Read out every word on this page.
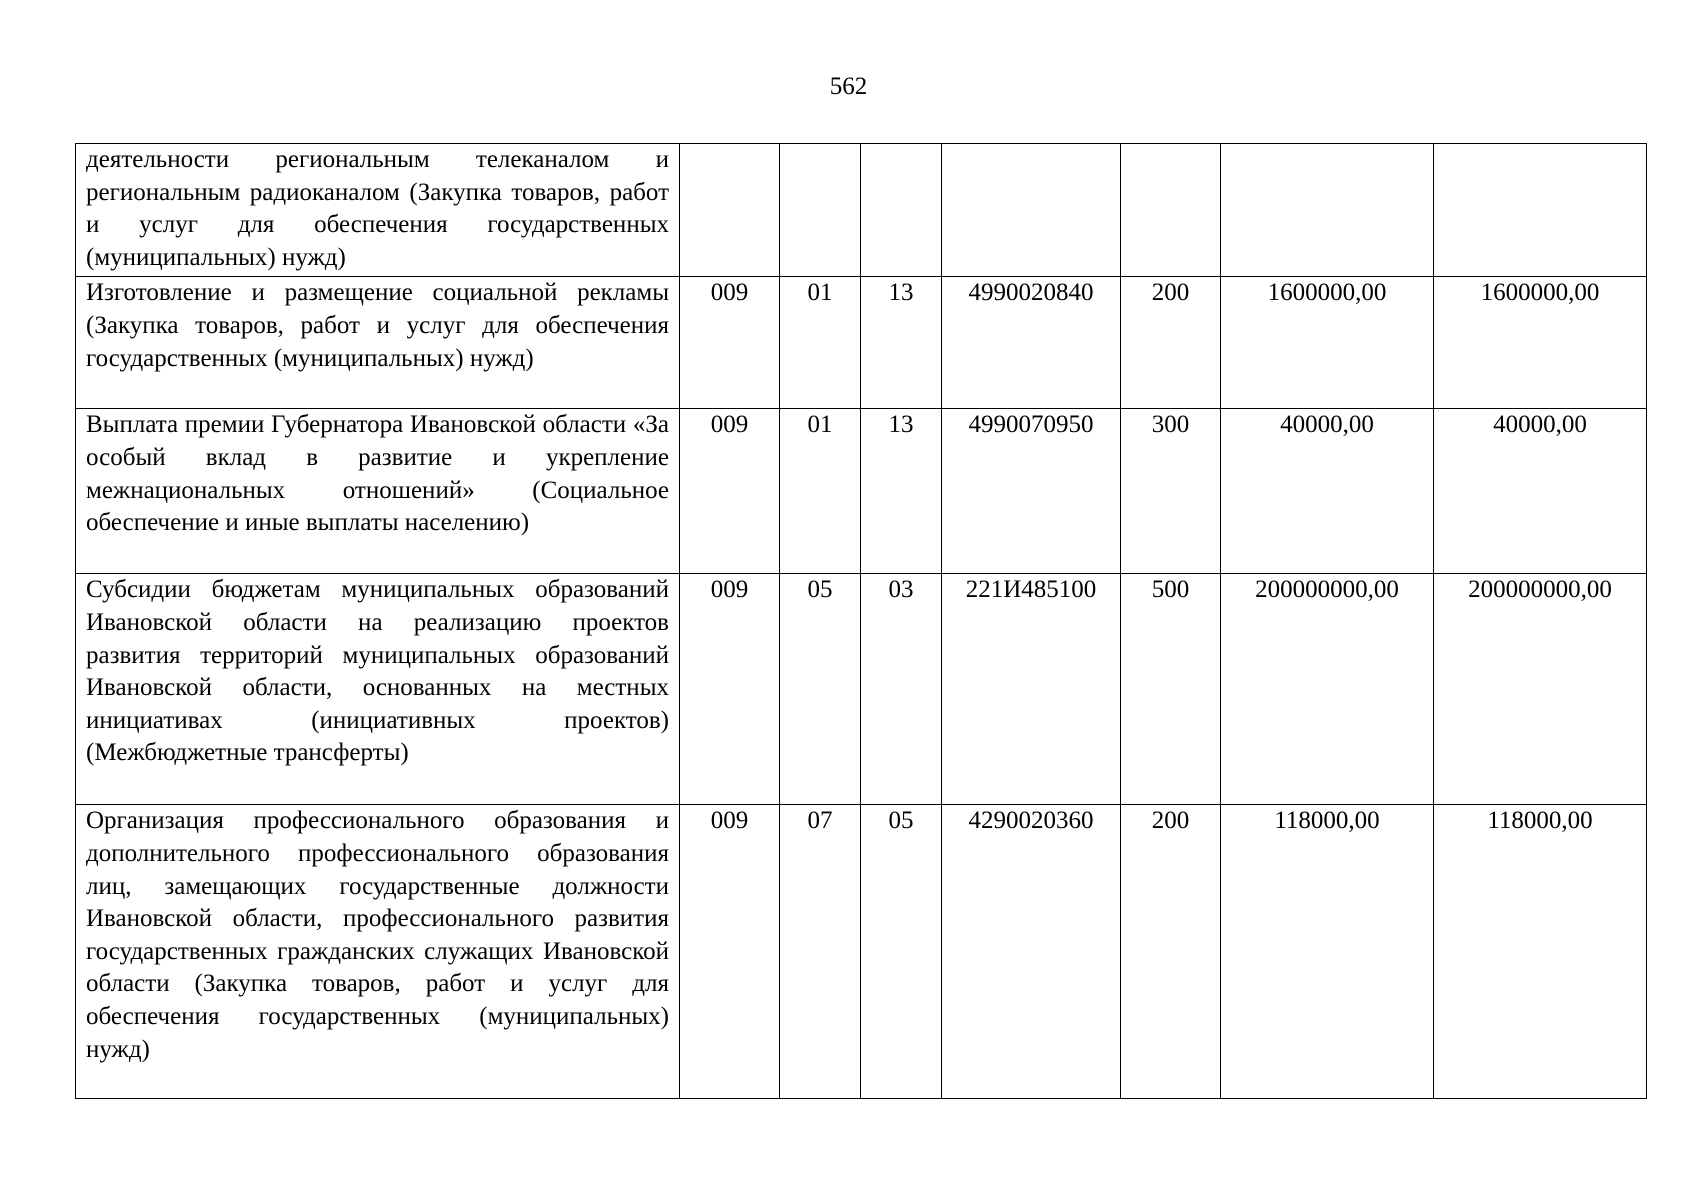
562
деятельности региональным телеканалом и региональным радиоканалом (Закупка товаров, работ и услуг для обеспечения государственных (муниципальных) нужд)							
Изготовление и размещение социальной рекламы (Закупка товаров, работ и услуг для обеспечения государственных (муниципальных) нужд)	009	01	13	4990020840	200	1600000,00	1600000,00
Выплата премии Губернатора Ивановской области «За особый вклад в развитие и укрепление межнациональных отношений» (Социальное обеспечение и иные выплаты населению)	009	01	13	4990070950	300	40000,00	40000,00
Субсидии бюджетам муниципальных образований Ивановской области на реализацию проектов развития территорий муниципальных образований Ивановской области, основанных на местных инициативах (инициативных проектов) (Межбюджетные трансферты)	009	05	03	221И485100	500	200000000,00	200000000,00
Организация профессионального образования и дополнительного профессионального образования лиц, замещающих государственные должности Ивановской области, профессионального развития государственных гражданских служащих Ивановской области (Закупка товаров, работ и услуг для обеспечения государственных (муниципальных) нужд)	009	07	05	4290020360	200	118000,00	118000,00
